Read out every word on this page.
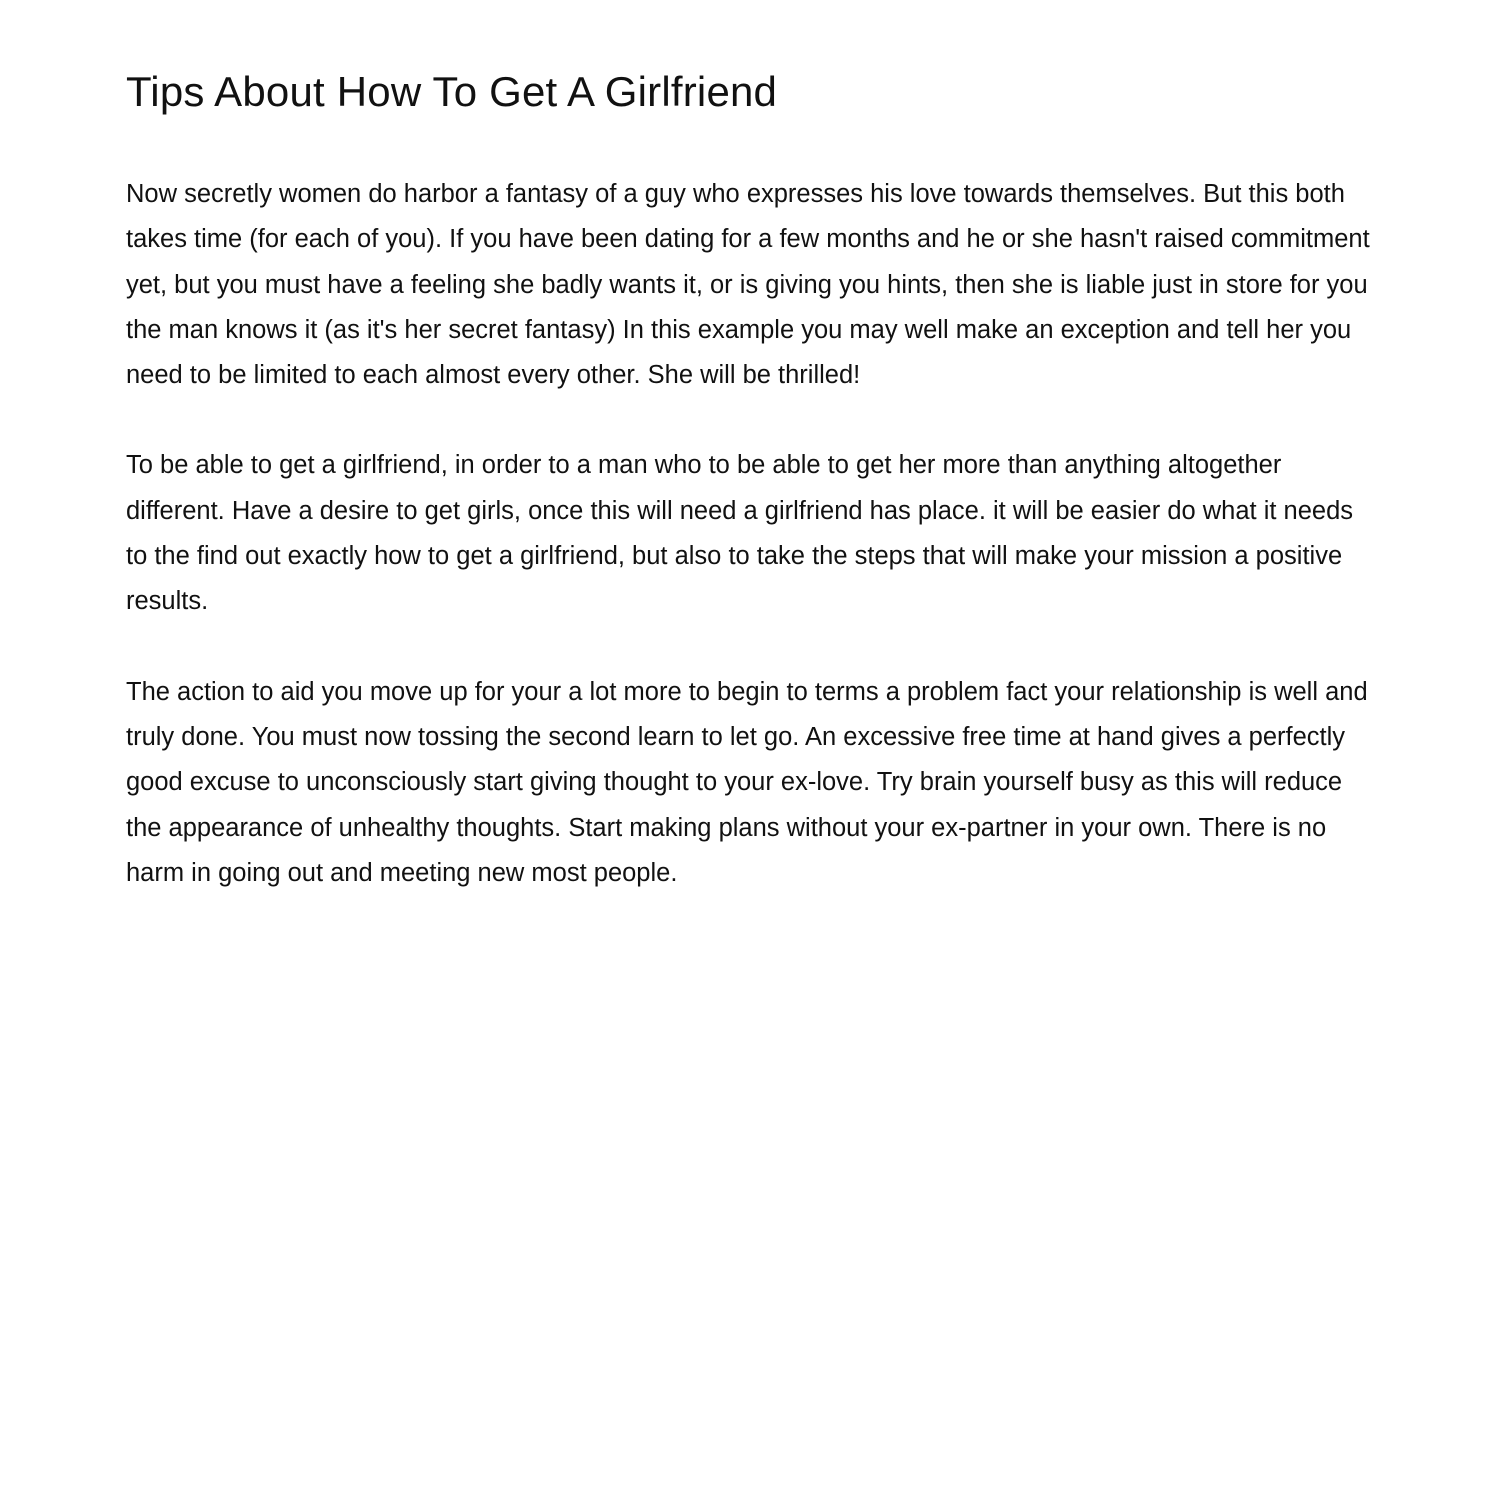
Tips About How To Get A Girlfriend

Now secretly women do harbor a fantasy of a guy who expresses his love towards themselves. But this both takes time (for each of you). If you have been dating for a few months and he or she hasn't raised commitment yet, but you must have a feeling she badly wants it, or is giving you hints, then she is liable just in store for you the man knows it (as it's her secret fantasy) In this example you may well make an exception and tell her you need to be limited to each almost every other. She will be thrilled!

To be able to get a girlfriend, in order to a man who to be able to get her more than anything altogether different. Have a desire to get girls, once this will need a girlfriend has place. it will be easier do what it needs to the find out exactly how to get a girlfriend, but also to take the steps that will make your mission a positive results.

The action to aid you move up for your a lot more to begin to terms a problem fact your relationship is well and truly done. You must now tossing the second learn to let go. An excessive free time at hand gives a perfectly good excuse to unconsciously start giving thought to your ex-love. Try brain yourself busy as this will reduce the appearance of unhealthy thoughts. Start making plans without your ex-partner in your own. There is no harm in going out and meeting new most people.
